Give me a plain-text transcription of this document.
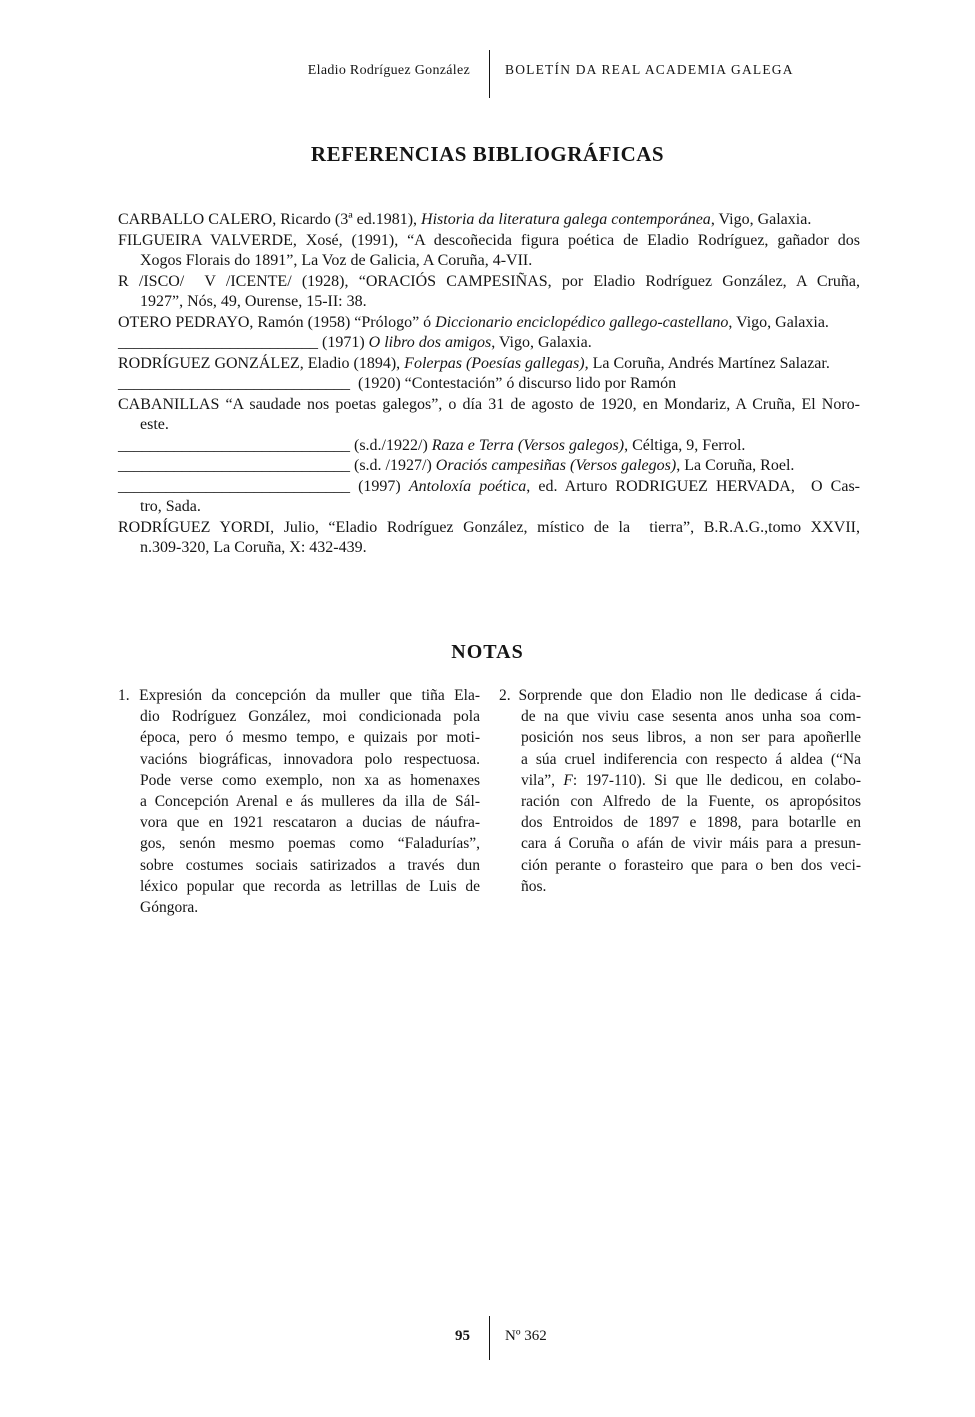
Eladio Rodríguez González	BOLETÍN DA REAL ACADEMIA GALEGA
REFERENCIAS BIBLIOGRÁFICAS
CARBALLO CALERO, Ricardo (3ª ed.1981), Historia da literatura galega contemporánea, Vigo, Galaxia.
FILGUEIRA VALVERDE, Xosé, (1991), “A descoñecida figura poética de Eladio Rodríguez, gañador dos
Xogos Florais do 1891”, La Voz de Galicia, A Coruña, 4-VII.
R /ISCO/  V /ICENTE/ (1928), “ORACIÓS CAMPESIÑAS, por Eladio Rodríguez González, A Cruña,
1927”, Nós, 49, Ourense, 15-II: 38.
OTERO PEDRAYO, Ramón (1958) “Prólogo” ó Diccionario enciclopédico gallego-castellano, Vigo, Galaxia.
_________________________ (1971) O libro dos amigos, Vigo, Galaxia.
RODRÍGUEZ GONZÁLEZ, Eladio (1894), Folerpas (Poesías gallegas), La Coruña, Andrés Martínez Salazar.
_____________________________  (1920) “Contestación” ó discurso lido por Ramón
CABANILLAS “A saudade nos poetas galegos”, o día 31 de agosto de 1920, en Mondariz, A Cruña, El Noro-
este.
_____________________________ (s.d./1922/) Raza e Terra (Versos galegos), Céltiga, 9, Ferrol.
_____________________________ (s.d. /1927/) Oraciós campesiñas (Versos galegos), La Coruña, Roel.
_____________________________ (1997) Antoloxía poética, ed. Arturo RODRIGUEZ HERVADA,  O Cas-
tro, Sada.
RODRÍGUEZ YORDI, Julio, “Eladio Rodríguez González, místico de la  tierra”, B.R.A.G.,tomo XXVII,
n.309-320, La Coruña, X: 432-439.
NOTAS
1. Expresión da concepción da muller que tiña Ela-
dio Rodríguez González, moi condicionada pola
época, pero ó mesmo tempo, e quizais por moti-
vacións biográficas, innovadora polo respectuosa.
Pode verse como exemplo, non xa as homenaxes
a Concepción Arenal e ás mulleres da illa de Sál-
vora que en 1921 rescataron a ducias de náufra-
gos, senón mesmo poemas como “Faladurías”,
sobre costumes sociais satirizados a través dun
léxico popular que recorda as letrillas de Luis de
Góngora.
2. Sorprende que don Eladio non lle dedicase á cida-
de na que viviu case sesenta anos unha soa com-
posición nos seus libros, a non ser para apoñerlle
a súa cruel indiferencia con respecto á aldea (“Na
vila”, F: 197-110). Si que lle dedicou, en colabo-
ración con Alfredo de la Fuente, os apropósitos
dos Entroidos de 1897 e 1898, para botarlle en
cara á Coruña o afán de vivir máis para a presun-
ción perante o forasteiro que para o ben dos veci-
ños.
95 Nº 362
